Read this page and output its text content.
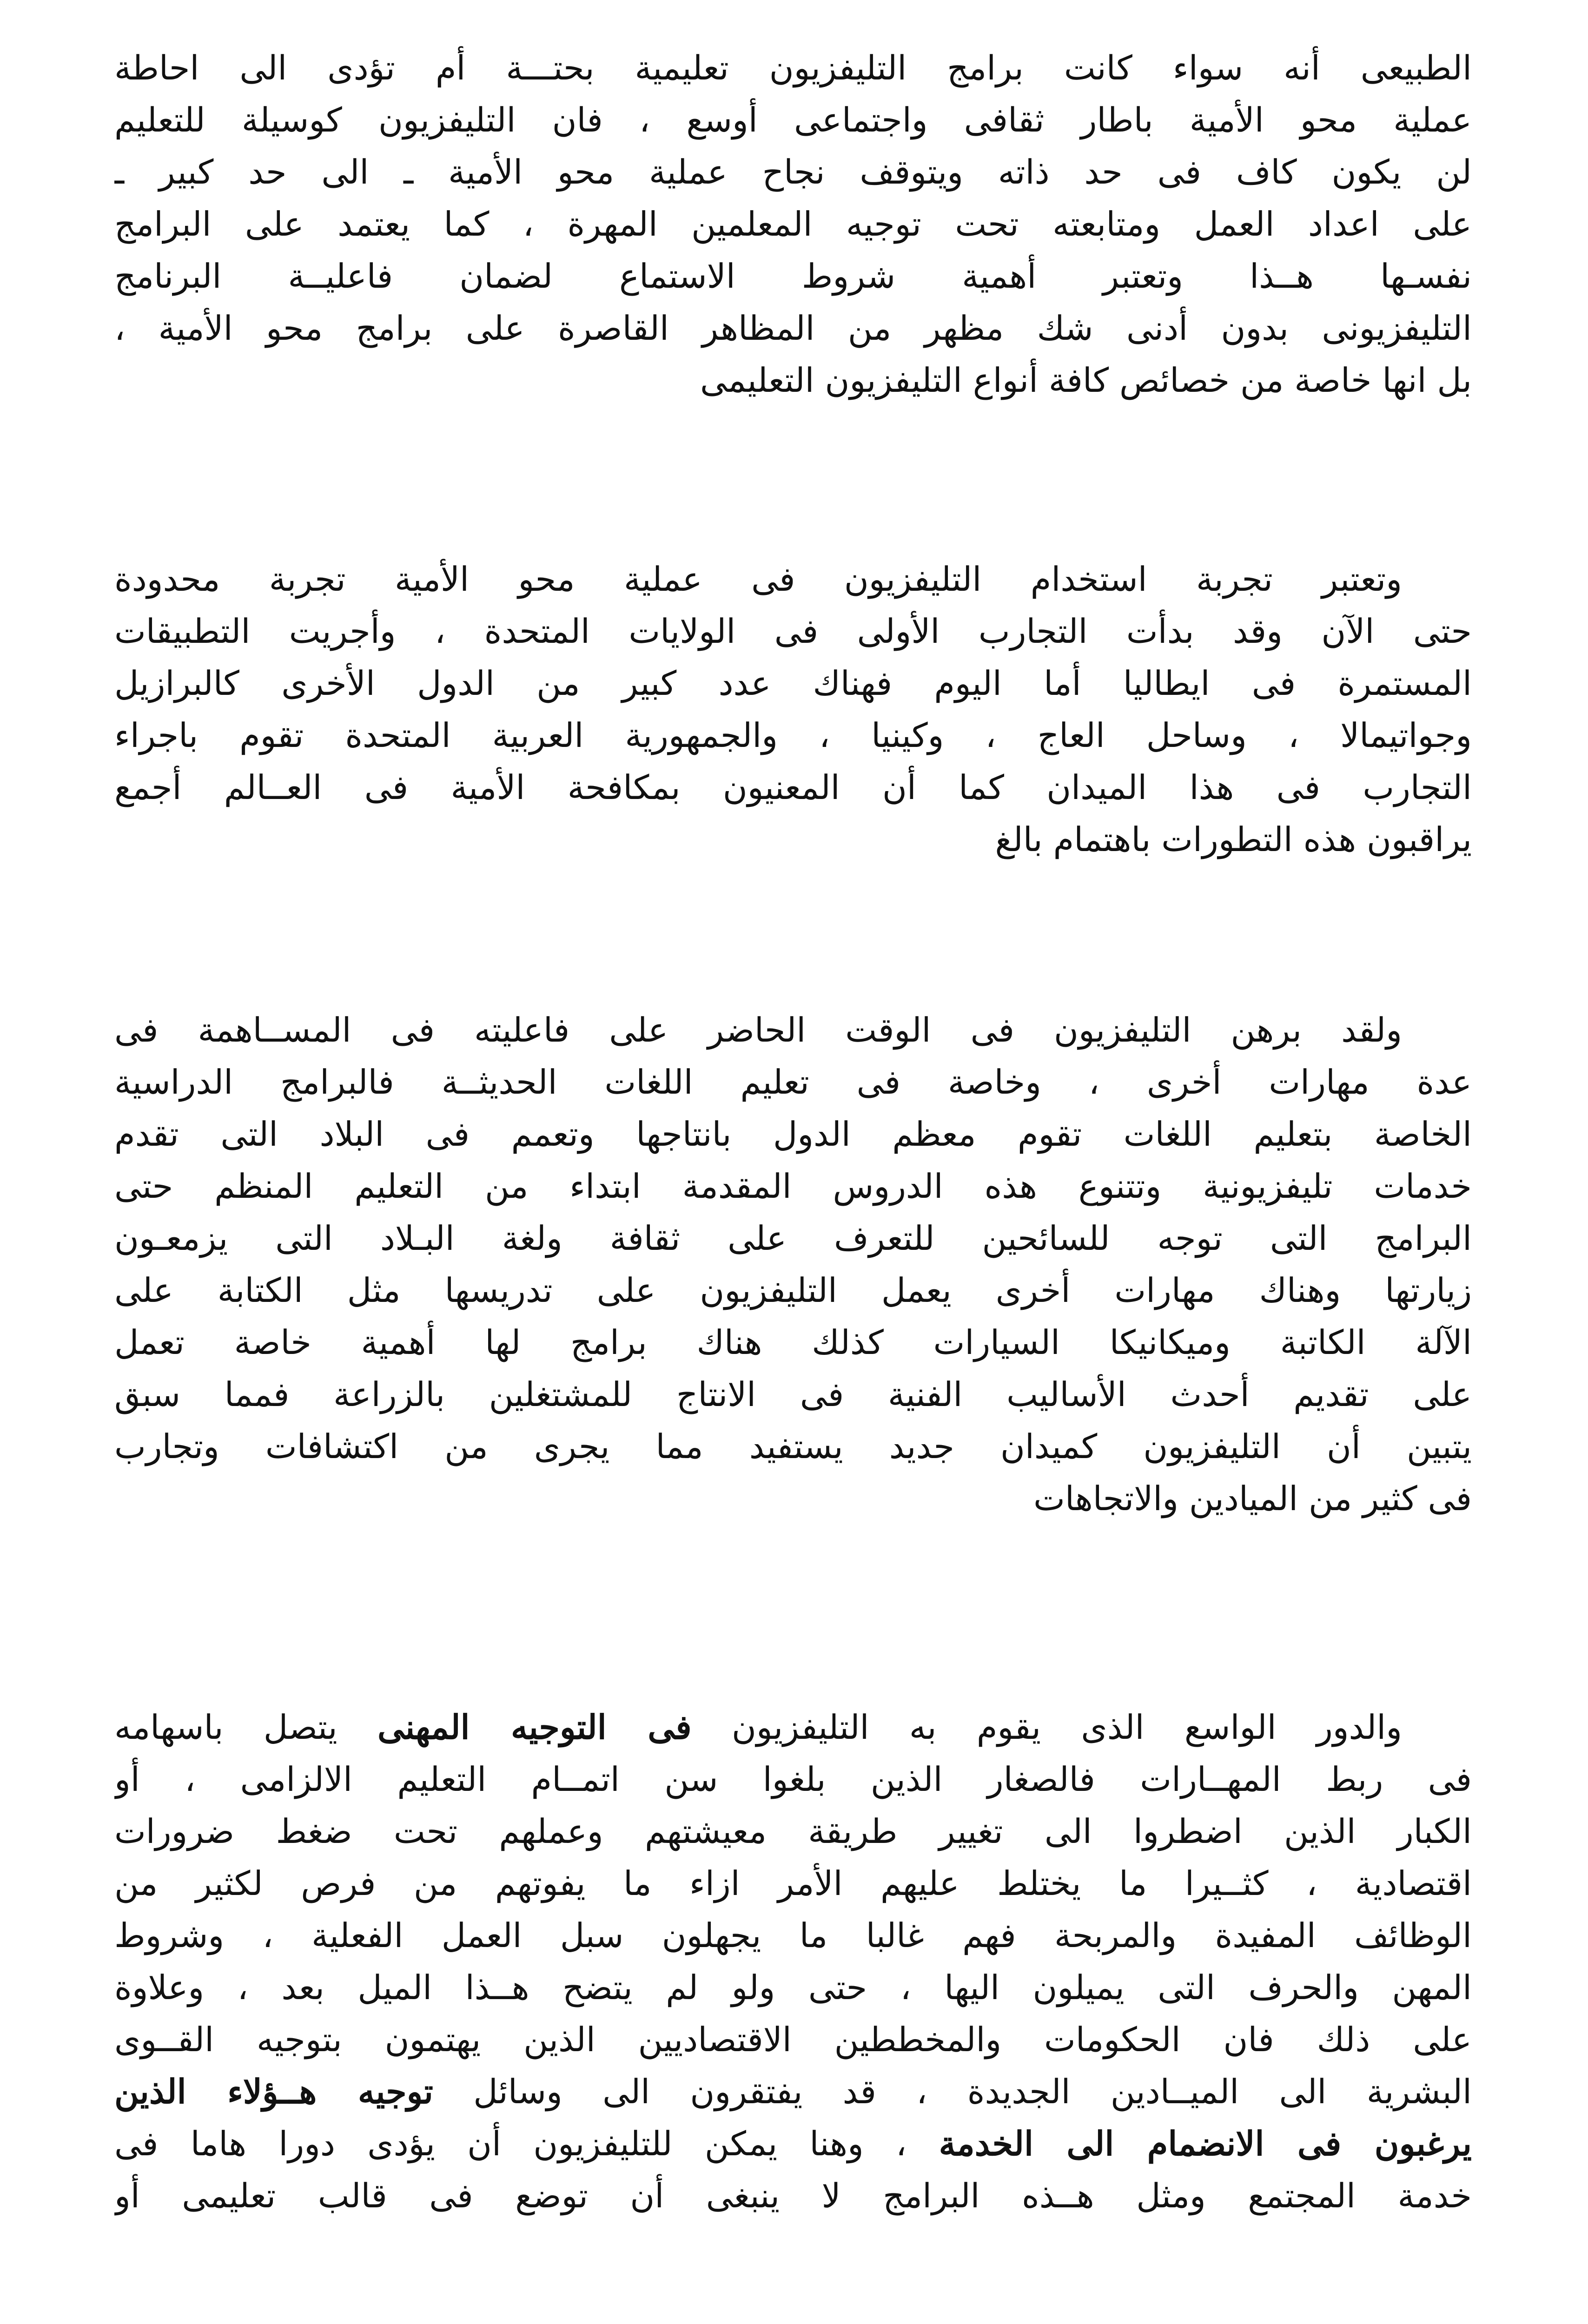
الطبيعى أنه سواء كانت برامج التليفزيون تعليمية بحتـــة أم تؤدى الى احاطة
عملية محو الأمية باطار ثقافى واجتماعى أوسع ، فان التليفزيون كوسيلة للتعليم
لن يكون كاف فى حد ذاته ويتوقف نجاح عملية محو الأمية ـ الى حد كبير ـ
على اعداد العمل ومتابعته تحت توجيه المعلمين المهرة ، كما يعتمد على البرامج
نفسـها هــذا وتعتبر أهمية شروط الاستماع لضمان فاعليــة البرنامج
التليفزيونى بدون أدنى شك مظهر من المظاهر القاصرة على برامج محو الأمية ،
بل انها خاصة من خصائص كافة أنواع التليفزيون التعليمى
وتعتبر تجربة استخدام التليفزيون فى عملية محو الأمية تجربة محدودة
حتى الآن وقد بدأت التجارب الأولى فى الولايات المتحدة ، وأجريت التطبيقات
المستمرة فى ايطاليا أما اليوم فهناك عدد كبير من الدول الأخرى كالبرازيل
وجواتيمالا ، وساحل العاج ، وكينيا ، والجمهورية العربية المتحدة تقوم باجراء
التجارب فى هذا الميدان كما أن المعنيون بمكافحة الأمية فى العــالم أجمع
يراقبون هذه التطورات باهتمام بالغ
ولقد برهن التليفزيون فى الوقت الحاضر على فاعليته فى المســاهمة فى
عدة مهارات أخرى ، وخاصة فى تعليم اللغات الحديثــة فالبرامج الدراسية
الخاصة بتعليم اللغات تقوم معظم الدول بانتاجها وتعمم فى البلاد التى تقدم
خدمات تليفزيونية وتتنوع هذه الدروس المقدمة ابتداء من التعليم المنظم حتى
البرامج التى توجه للسائحين للتعرف على ثقافة ولغة البـلاد التى يزمعـون
زيارتها وهناك مهارات أخرى يعمل التليفزيون على تدريسها مثل الكتابة على
الآلة الكاتبة وميكانيكا السيارات كذلك هناك برامج لها أهمية خاصة تعمل
على تقديم أحدث الأساليب الفنية فى الانتاج للمشتغلين بالزراعة فمما سبق
يتبين أن التليفزيون كميدان جديد يستفيد مما يجرى من اكتشافات وتجارب
فى كثير من الميادين والاتجاهات
والدور الواسع الذى يقوم به التليفزيون فى التوجيه المهنى يتصل باسهامه
فى ربط المهــارات فالصغار الذين بلغوا سن اتمــام التعليم الالزامى ، أو
الكبار الذين اضطروا الى تغيير طريقة معيشتهم وعملهم تحت ضغط ضرورات
اقتصادية ، كثــيرا ما يختلط عليهم الأمر ازاء ما يفوتهم من فرص لكثير من
الوظائف المفيدة والمربحة فهم غالبا ما يجهلون سبل العمل الفعلية ، وشروط
المهن والحرف التى يميلون اليها ، حتى ولو لم يتضح هــذا الميل بعد ، وعلاوة
على ذلك فان الحكومات والمخططين الاقتصاديين الذين يهتمون بتوجيه القــوى
البشرية الى الميــادين الجديدة ، قد يفتقرون الى وسائل توجيه هــؤلاء الذين
يرغبون فى الانضمام الى الخدمة ، وهنا يمكن للتليفزيون أن يؤدى دورا هاما فى
خدمة المجتمع ومثل هــذه البرامج لا ينبغى أن توضع فى قالب تعليمى أو
